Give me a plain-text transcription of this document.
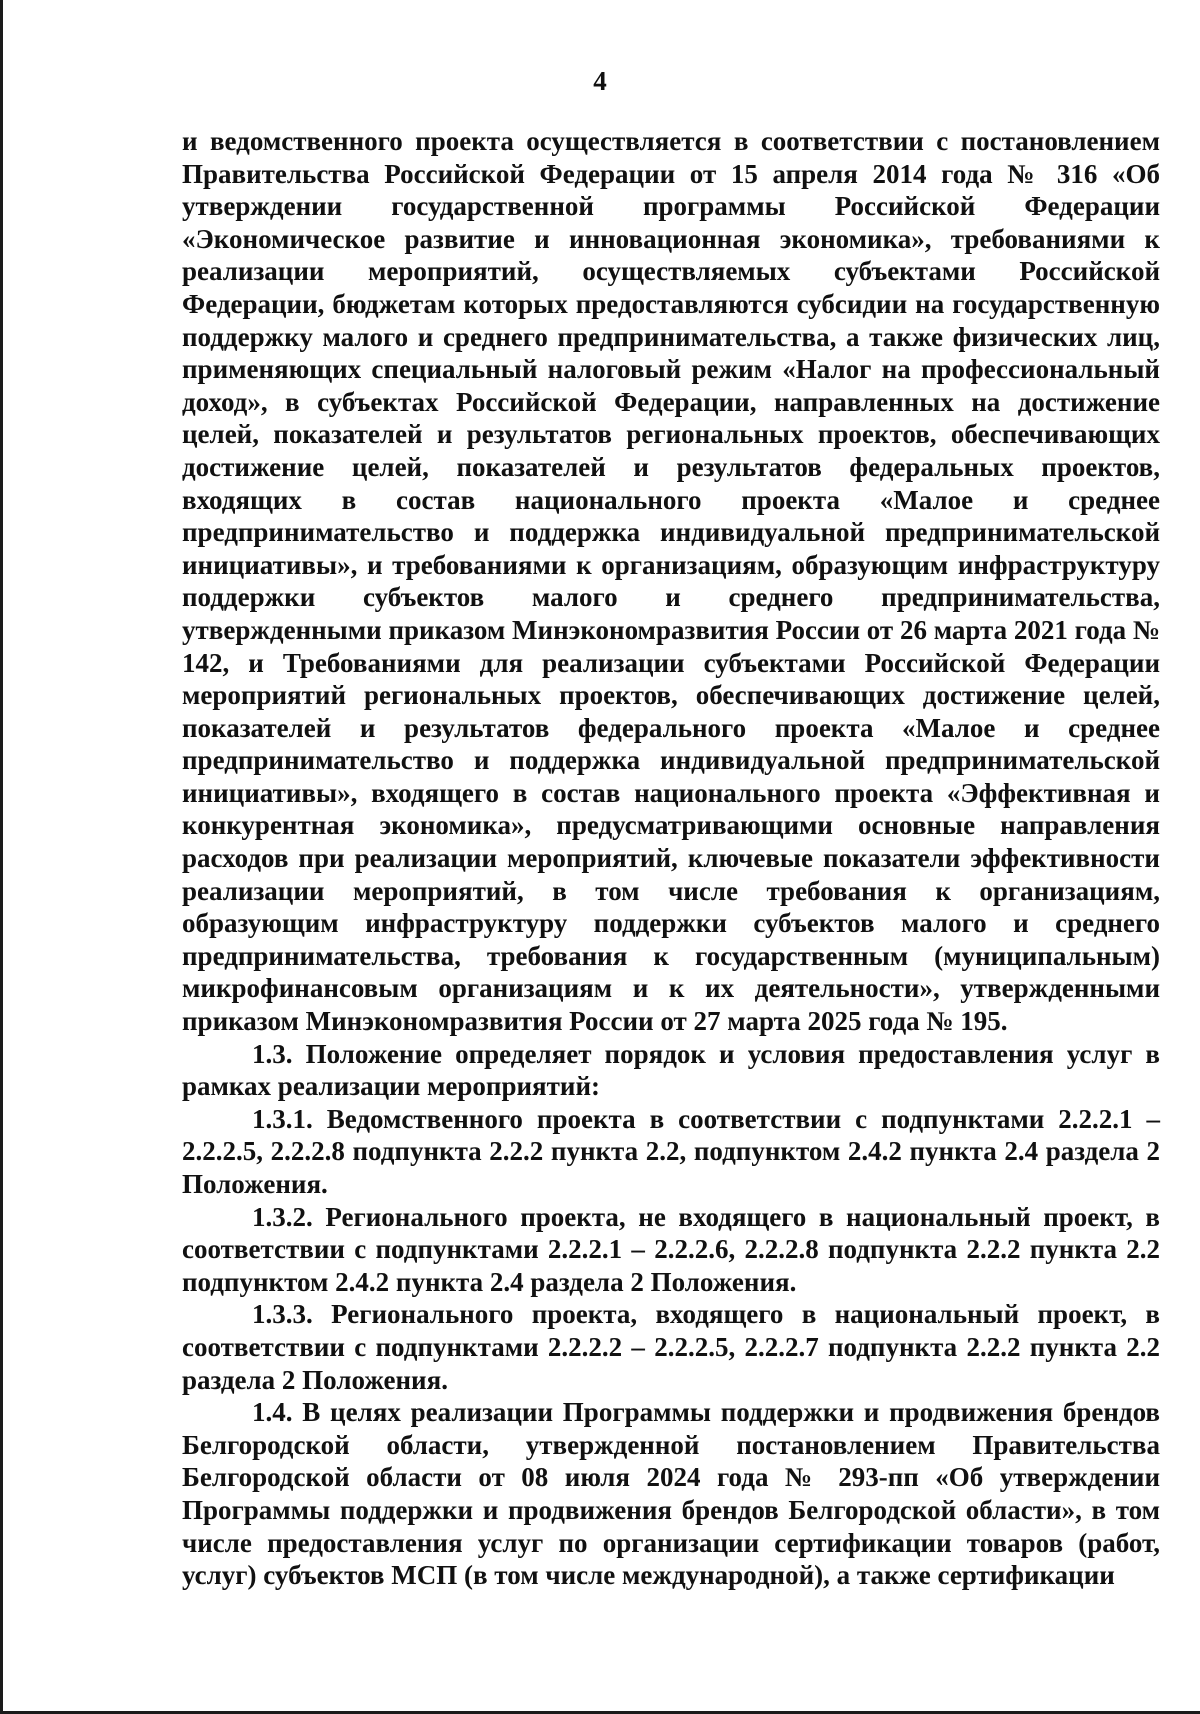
4

и ведомственного проекта осуществляется в соответствии с постановлением Правительства Российской Федерации от 15 апреля 2014 года № 316 «Об утверждении государственной программы Российской Федерации «Экономическое развитие и инновационная экономика», требованиями к реализации мероприятий, осуществляемых субъектами Российской Федерации, бюджетам которых предоставляются субсидии на государственную поддержку малого и среднего предпринимательства, а также физических лиц, применяющих специальный налоговый режим «Налог на профессиональный доход», в субъектах Российской Федерации, направленных на достижение целей, показателей и результатов региональных проектов, обеспечивающих достижение целей, показателей и результатов федеральных проектов, входящих в состав национального проекта «Малое и среднее предпринимательство и поддержка индивидуальной предпринимательской инициативы», и требованиями к организациям, образующим инфраструктуру поддержки субъектов малого и среднего предпринимательства, утвержденными приказом Минэкономразвития России от 26 марта 2021 года № 142, и Требованиями для реализации субъектами Российской Федерации мероприятий региональных проектов, обеспечивающих достижение целей, показателей и результатов федерального проекта «Малое и среднее предпринимательство и поддержка индивидуальной предпринимательской инициативы», входящего в состав национального проекта «Эффективная и конкурентная экономика», предусматривающими основные направления расходов при реализации мероприятий, ключевые показатели эффективности реализации мероприятий, в том числе требования к организациям, образующим инфраструктуру поддержки субъектов малого и среднего предпринимательства, требования к государственным (муниципальным) микрофинансовым организациям и к их деятельности», утвержденными приказом Минэкономразвития России от 27 марта 2025 года № 195.

1.3. Положение определяет порядок и условия предоставления услуг в рамках реализации мероприятий:

1.3.1. Ведомственного проекта в соответствии с подпунктами 2.2.2.1 – 2.2.2.5, 2.2.2.8 подпункта 2.2.2 пункта 2.2, подпунктом 2.4.2 пункта 2.4 раздела 2 Положения.

1.3.2. Регионального проекта, не входящего в национальный проект, в соответствии с подпунктами 2.2.2.1 – 2.2.2.6, 2.2.2.8 подпункта 2.2.2 пункта 2.2 подпунктом 2.4.2 пункта 2.4 раздела 2 Положения.

1.3.3. Регионального проекта, входящего в национальный проект, в соответствии с подпунктами 2.2.2.2 – 2.2.2.5, 2.2.2.7 подпункта 2.2.2 пункта 2.2 раздела 2 Положения.

1.4. В целях реализации Программы поддержки и продвижения брендов Белгородской области, утвержденной постановлением Правительства Белгородской области от 08 июля 2024 года № 293-пп «Об утверждении Программы поддержки и продвижения брендов Белгородской области», в том числе предоставления услуг по организации сертификации товаров (работ, услуг) субъектов МСП (в том числе международной), а также сертификации
